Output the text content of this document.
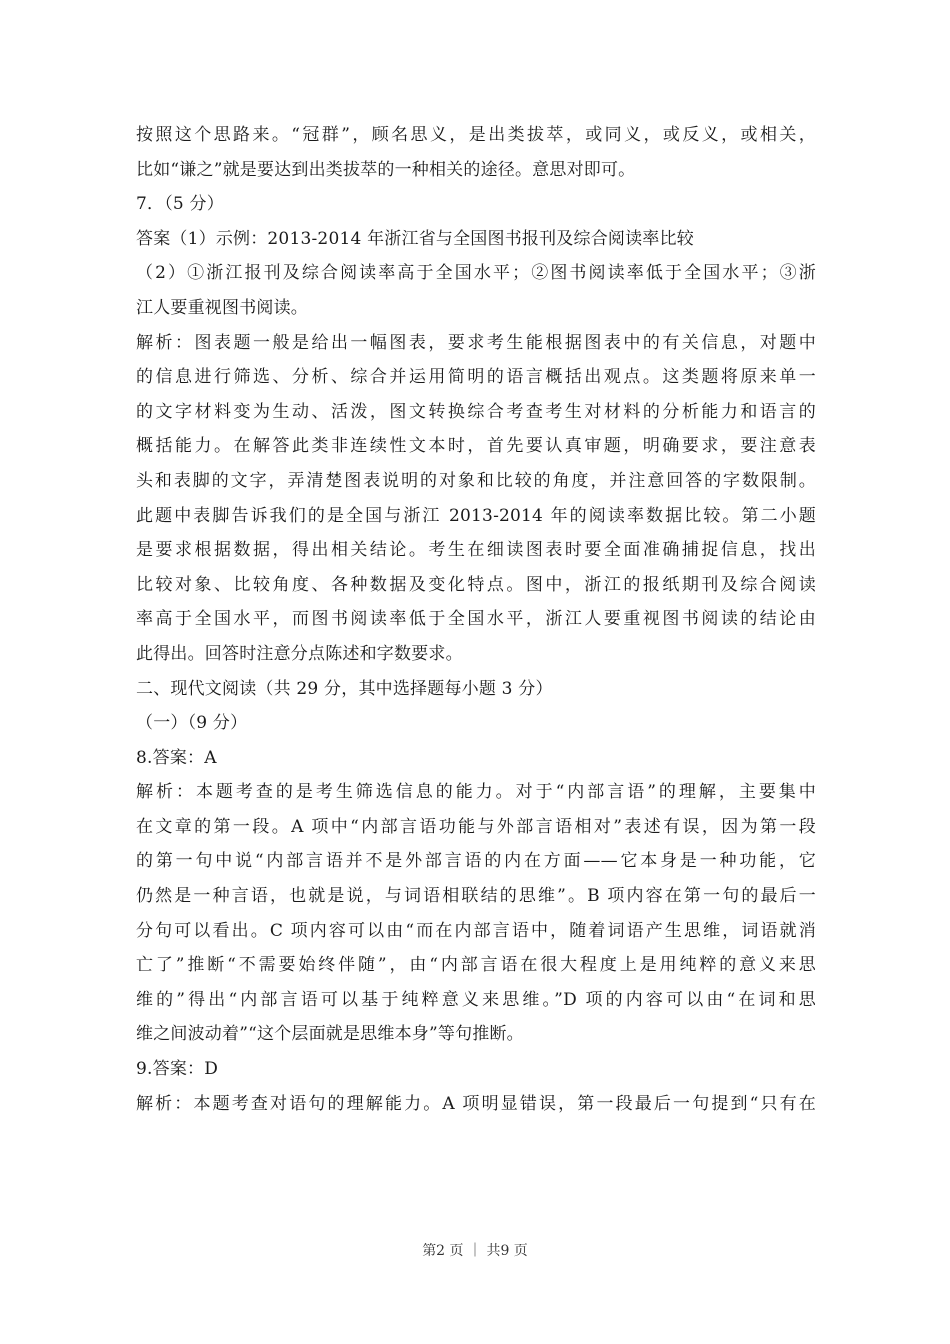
按照这个思路来。“冠群”，顾名思义，是出类拔萃，或同义，或反义，或相关，
比如“谦之”就是要达到出类拔萃的一种相关的途径。意思对即可。
7．（5 分）
答案（1）示例：2013-2014 年浙江省与全国图书报刊及综合阅读率比较
（2）①浙江报刊及综合阅读率高于全国水平；②图书阅读率低于全国水平；③浙
江人要重视图书阅读。
解析：图表题一般是给出一幅图表，要求考生能根据图表中的有关信息，对题中
的信息进行筛选、分析、综合并运用简明的语言概括出观点。这类题将原来单一
的文字材料变为生动、活泼，图文转换综合考查考生对材料的分析能力和语言的
概括能力。在解答此类非连续性文本时，首先要认真审题，明确要求，要注意表
头和表脚的文字，弄清楚图表说明的对象和比较的角度，并注意回答的字数限制。
此题中表脚告诉我们的是全国与浙江 2013-2014 年的阅读率数据比较。第二小题
是要求根据数据，得出相关结论。考生在细读图表时要全面准确捕捉信息，找出
比较对象、比较角度、各种数据及变化特点。图中，浙江的报纸期刊及综合阅读
率高于全国水平，而图书阅读率低于全国水平，浙江人要重视图书阅读的结论由
此得出。回答时注意分点陈述和字数要求。
二、现代文阅读（共 29 分，其中选择题每小题 3 分）
（一）（9 分）
8.答案：A
解析：本题考查的是考生筛选信息的能力。对于“内部言语”的理解，主要集中
在文章的第一段。A 项中“内部言语功能与外部言语相对”表述有误，因为第一段
的第一句中说“内部言语并不是外部言语的内在方面——它本身是一种功能，它
仍然是一种言语，也就是说，与词语相联结的思维”。B 项内容在第一句的最后一
分句可以看出。C 项内容可以由“而在内部言语中，随着词语产生思维，词语就消
亡了”推断“不需要始终伴随”，由“内部言语在很大程度上是用纯粹的意义来思
维的”得出“内部言语可以基于纯粹意义来思维。”D 项的内容可以由“在词和思
维之间波动着”“这个层面就是思维本身”等句推断。
9.答案：D
解析：本题考查对语句的理解能力。A 项明显错误，第一段最后一句提到“只有在
第2 页 ｜ 共9 页
